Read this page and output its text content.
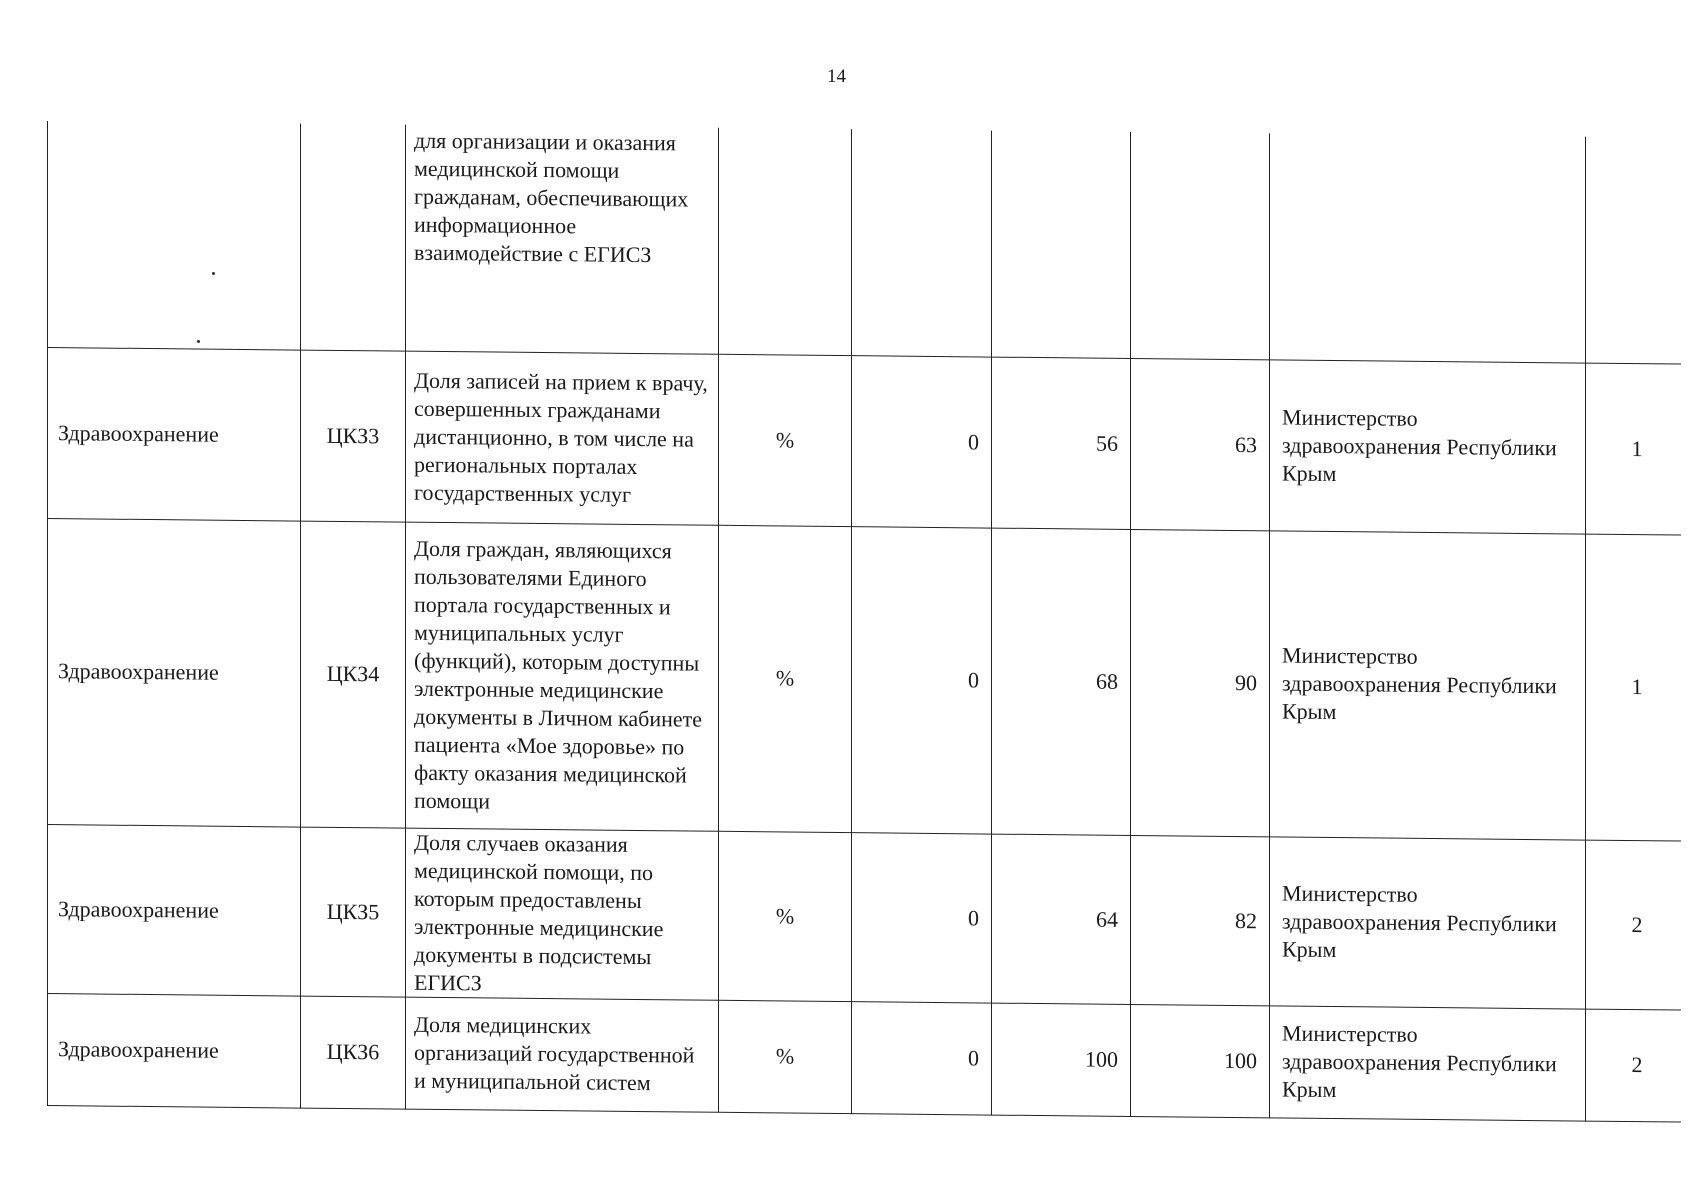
14
		для организации и оказания медицинской помощи гражданам, обеспечивающих информационное взаимодействие с ЕГИСЗ						
Здравоохранение	ЦКЗ3	Доля записей на прием к врачу, совершенных гражданами дистанционно, в том числе на региональных порталах государственных услуг	%	0	56	63	Министерство здравоохранения Республики Крым	1
Здравоохранение	ЦКЗ4	Доля граждан, являющихся пользователями Единого портала государственных и муниципальных услуг (функций), которым доступны электронные медицинские документы в Личном кабинете пациента «Мое здоровье» по факту оказания медицинской помощи	%	0	68	90	Министерство здравоохранения Республики Крым	1
Здравоохранение	ЦКЗ5	Доля случаев оказания медицинской помощи, по которым предоставлены электронные медицинские документы в подсистемы ЕГИСЗ	%	0	64	82	Министерство здравоохранения Республики Крым	2
Здравоохранение	ЦКЗ6	Доля медицинских организаций государственной и муниципальной систем	%	0	100	100	Министерство здравоохранения Республики Крым	2
